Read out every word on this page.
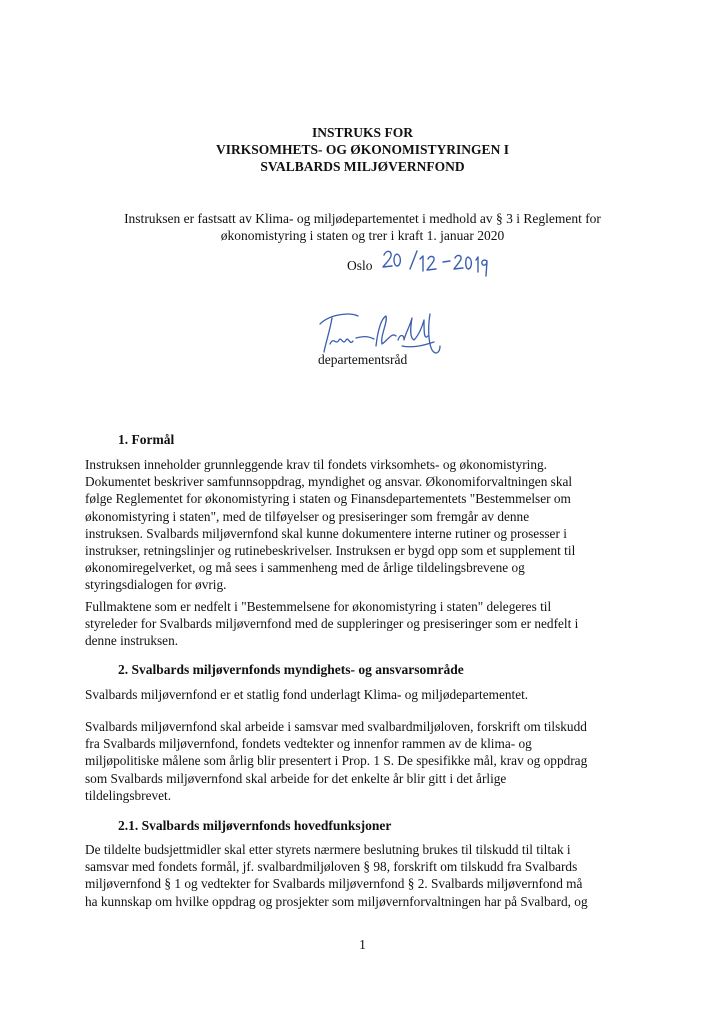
INSTRUKS FOR
VIRKSOMHETS- OG ØKONOMISTYRINGEN I
SVALBARDS MILJØVERNFOND
Instruksen er fastsatt av Klima- og miljødepartementet i medhold av § 3 i Reglement for
økonomistyring i staten og trer i kraft 1. januar 2020
Oslo
departementsråd
1. Formål
Instruksen inneholder grunnleggende krav til fondets virksomhets- og økonomistyring.
Dokumentet beskriver samfunnsoppdrag, myndighet og ansvar. Økonomiforvaltningen skal
følge Reglementet for økonomistyring i staten og Finansdepartementets "Bestemmelser om
økonomistyring i staten", med de tilføyelser og presiseringer som fremgår av denne
instruksen. Svalbards miljøvernfond skal kunne dokumentere interne rutiner og prosesser i
instrukser, retningslinjer og rutinebeskrivelser. Instruksen er bygd opp som et supplement til
økonomiregelverket, og må sees i sammenheng med de årlige tildelingsbrevene og
styringsdialogen for øvrig.
Fullmaktene som er nedfelt i "Bestemmelsene for økonomistyring i staten" delegeres til
styreleder for Svalbards miljøvernfond med de suppleringer og presiseringer som er nedfelt i
denne instruksen.
2. Svalbards miljøvernfonds myndighets- og ansvarsområde
Svalbards miljøvernfond er et statlig fond underlagt Klima- og miljødepartementet.
Svalbards miljøvernfond skal arbeide i samsvar med svalbardmiljøloven, forskrift om tilskudd
fra Svalbards miljøvernfond, fondets vedtekter og innenfor rammen av de klima- og
miljøpolitiske målene som årlig blir presentert i Prop. 1 S. De spesifikke mål, krav og oppdrag
som Svalbards miljøvernfond skal arbeide for det enkelte år blir gitt i det årlige
tildelingsbrevet.
2.1. Svalbards miljøvernfonds hovedfunksjoner
De tildelte budsjettmidler skal etter styrets nærmere beslutning brukes til tilskudd til tiltak i
samsvar med fondets formål, jf. svalbardmiljøloven § 98, forskrift om tilskudd fra Svalbards
miljøvernfond § 1 og vedtekter for Svalbards miljøvernfond § 2. Svalbards miljøvernfond må
ha kunnskap om hvilke oppdrag og prosjekter som miljøvernforvaltningen har på Svalbard, og
1
